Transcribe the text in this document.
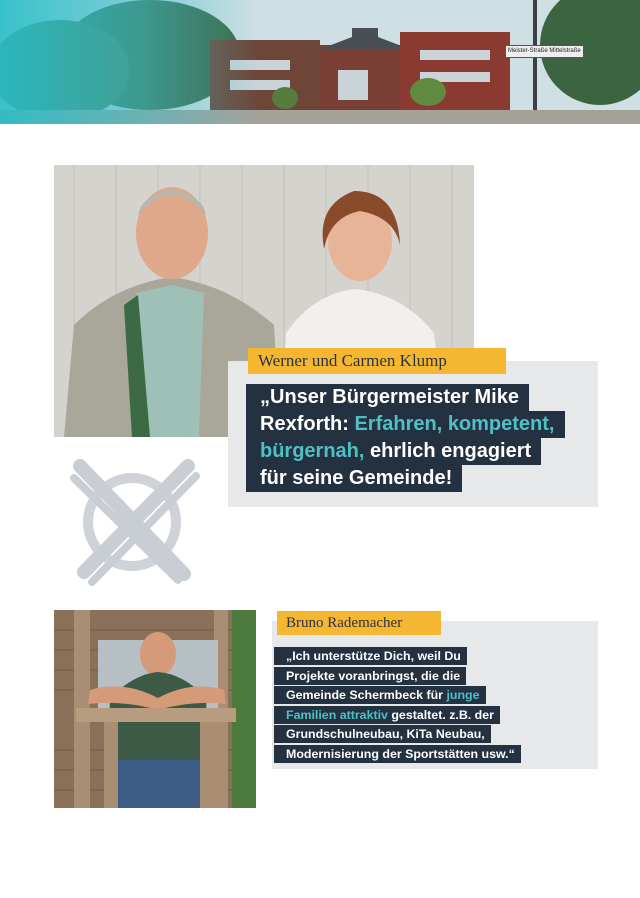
Meister-Straße Mittelstraße
Werner und Carmen Klump

„Unser Bürgermeister Mike
Rexforth: Erfahren, kompetent,
bürgernah, ehrlich engagiert
für seine Gemeinde!

Bruno Rademacher

„Ich unterstütze Dich, weil Du
Projekte voranbringst, die die
Gemeinde Schermbeck für junge
Familien attraktiv gestaltet. z.B. der
Grundschulneubau, KiTa Neubau,
Modernisierung der Sportstätten usw.“
